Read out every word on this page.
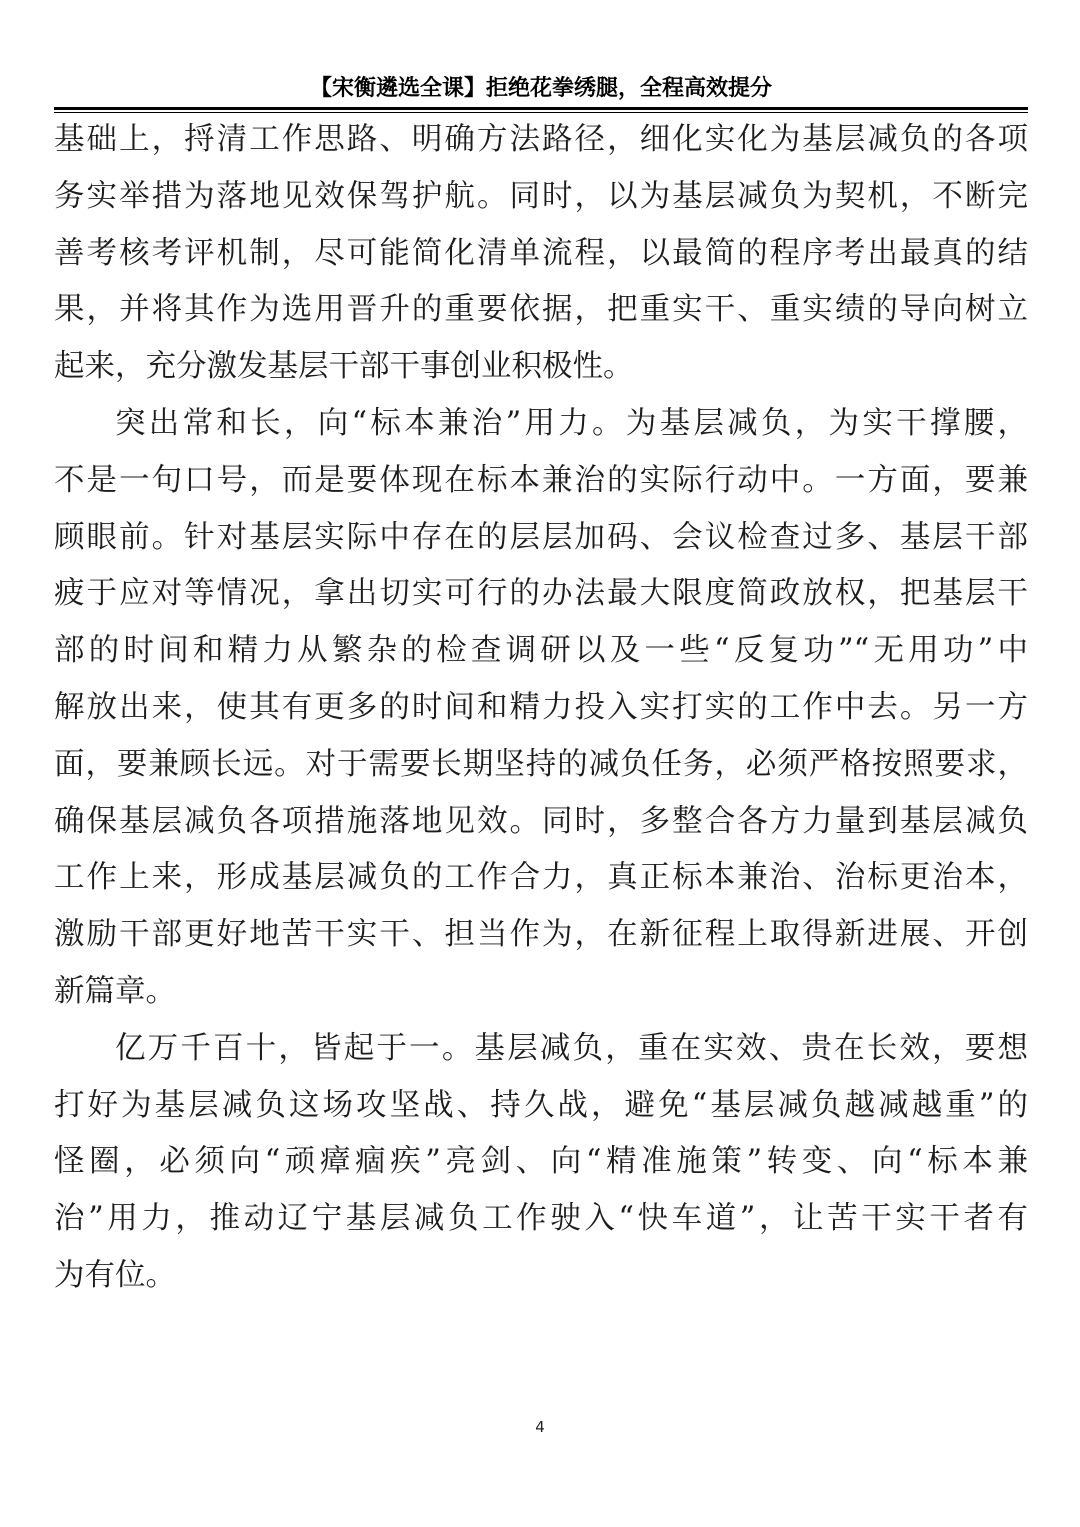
【宋衡遴选全课】拒绝花拳绣腿，全程高效提分
基础上，捋清工作思路、明确方法路径，细化实化为基层减负的各项
务实举措为落地见效保驾护航。同时，以为基层减负为契机，不断完
善考核考评机制，尽可能简化清单流程，以最简的程序考出最真的结
果，并将其作为选用晋升的重要依据，把重实干、重实绩的导向树立
起来，充分激发基层干部干事创业积极性。
突出常和长，向“标本兼治”用力。为基层减负，为实干撑腰，
不是一句口号，而是要体现在标本兼治的实际行动中。一方面，要兼
顾眼前。针对基层实际中存在的层层加码、会议检查过多、基层干部
疲于应对等情况，拿出切实可行的办法最大限度简政放权，把基层干
部的时间和精力从繁杂的检查调研以及一些“反复功”“无用功”中
解放出来，使其有更多的时间和精力投入实打实的工作中去。另一方
面，要兼顾长远。对于需要长期坚持的减负任务，必须严格按照要求，
确保基层减负各项措施落地见效。同时，多整合各方力量到基层减负
工作上来，形成基层减负的工作合力，真正标本兼治、治标更治本，
激励干部更好地苦干实干、担当作为，在新征程上取得新进展、开创
新篇章。
亿万千百十，皆起于一。基层减负，重在实效、贵在长效，要想
打好为基层减负这场攻坚战、持久战，避免“基层减负越减越重”的
怪圈，必须向“顽瘴痼疾”亮剑、向“精准施策”转变、向“标本兼
治”用力，推动辽宁基层减负工作驶入“快车道”，让苦干实干者有
为有位。
4
